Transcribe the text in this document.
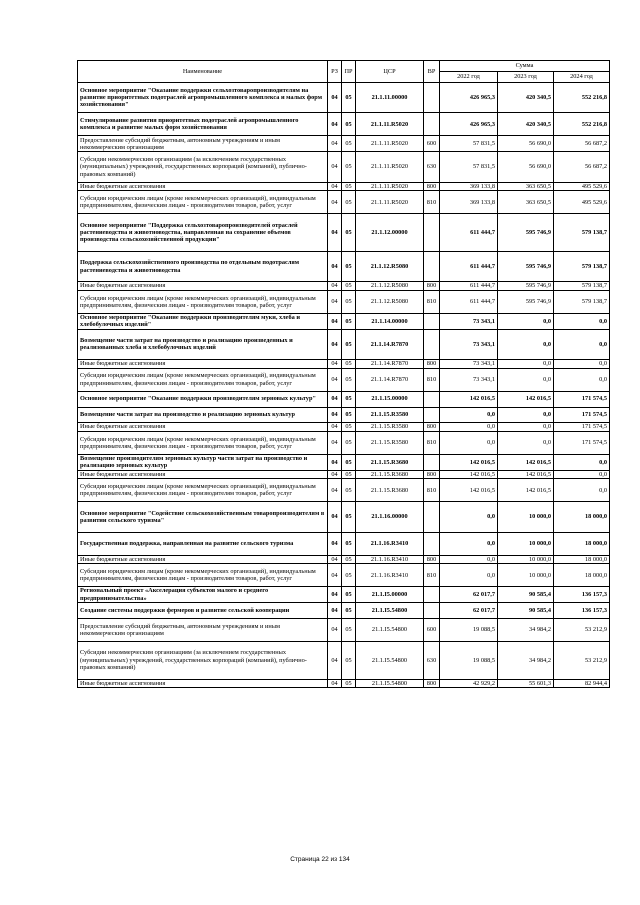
Наименование	РЗ	ПР	ЦСР	ВР	Сумма		
					2022 год	2023 год	2024 год
Основное мероприятие "Оказание поддержки сельхозтоваропроизводителям на развитие приоритетных подотраслей агропромышленного комплекса и малых форм хозяйствования"	04	05	21.1.11.00000		426 965,3	420 340,5	552 216,8
Стимулирование развития приоритетных подотраслей агропромышленного комплекса и развитие малых форм хозяйствования	04	05	21.1.11.R5020		426 965,3	420 340,5	552 216,8
Предоставление субсидий бюджетным, автономным учреждениям и иным некоммерческим организациям	04	05	21.1.11.R5020	600	57 831,5	56 690,0	56 687,2
Субсидии некоммерческим организациям (за исключением государственных (муниципальных) учреждений, государственных корпораций (компаний), публично-правовых компаний)	04	05	21.1.11.R5020	630	57 831,5	56 690,0	56 687,2
Иные бюджетные ассигнования	04	05	21.1.11.R5020	800	369 133,8	363 650,5	495 529,6
Субсидии юридическим лицам (кроме некоммерческих организаций), индивидуальным предпринимателям, физическим лицам - производителям товаров, работ, услуг	04	05	21.1.11.R5020	810	369 133,8	363 650,5	495 529,6
Основное мероприятие "Поддержка сельхозтоваропроизводителей отраслей растениеводства и животноводства, направленная на сохранение объемов производства сельскохозяйственной продукции"	04	05	21.1.12.00000		611 444,7	595 746,9	579 138,7
Поддержка сельскохозяйственного производства по отдельным подотраслям растениеводства и животноводства	04	05	21.1.12.R5080		611 444,7	595 746,9	579 138,7
Иные бюджетные ассигнования	04	05	21.1.12.R5080	800	611 444,7	595 746,9	579 138,7
Субсидии юридическим лицам (кроме некоммерческих организаций), индивидуальным предпринимателям, физическим лицам - производителям товаров, работ, услуг	04	05	21.1.12.R5080	810	611 444,7	595 746,9	579 138,7
Основное мероприятие "Оказание поддержки производителям муки, хлеба и хлебобулочных изделий"	04	05	21.1.14.00000		73 343,1	0,0	0,0
Возмещение части затрат на производство и реализацию произведенных и реализованных хлеба и хлебобулочных изделий	04	05	21.1.14.R7870		73 343,1	0,0	0,0
Иные бюджетные ассигнования	04	05	21.1.14.R7870	800	73 343,1	0,0	0,0
Субсидии юридическим лицам (кроме некоммерческих организаций), индивидуальным предпринимателям, физическим лицам - производителям товаров, работ, услуг	04	05	21.1.14.R7870	810	73 343,1	0,0	0,0
Основное мероприятие "Оказание поддержки производителям зерновых культур"	04	05	21.1.15.00000		142 016,5	142 016,5	171 574,5
Возмещение части затрат на производство и реализацию зерновых культур	04	05	21.1.15.R3580		0,0	0,0	171 574,5
Иные бюджетные ассигнования	04	05	21.1.15.R3580	800	0,0	0,0	171 574,5
Субсидии юридическим лицам (кроме некоммерческих организаций), индивидуальным предпринимателям, физическим лицам - производителям товаров, работ, услуг	04	05	21.1.15.R3580	810	0,0	0,0	171 574,5
Возмещение производителям зерновых культур части затрат на производство и реализацию зерновых культур	04	05	21.1.15.R3680		142 016,5	142 016,5	0,0
Иные бюджетные ассигнования	04	05	21.1.15.R3680	800	142 016,5	142 016,5	0,0
Субсидии юридическим лицам (кроме некоммерческих организаций), индивидуальным предпринимателям, физическим лицам - производителям товаров, работ, услуг	04	05	21.1.15.R3680	810	142 016,5	142 016,5	0,0
Основное мероприятие "Содействие сельскохозяйственным товаропроизводителям в развитии сельского туризма"	04	05	21.1.16.00000		0,0	10 000,0	18 000,0
Государственная поддержка, направленная на развитие сельского туризма	04	05	21.1.16.R3410		0,0	10 000,0	18 000,0
Иные бюджетные ассигнования	04	05	21.1.16.R3410	800	0,0	10 000,0	18 000,0
Субсидии юридическим лицам (кроме некоммерческих организаций), индивидуальным предпринимателям, физическим лицам - производителям товаров, работ, услуг	04	05	21.1.16.R3410	810	0,0	10 000,0	18 000,0
Региональный проект «Акселерация субъектов малого и среднего предпринимательства»	04	05	21.1.I5.00000		62 017,7	90 585,4	136 157,3
Создание системы поддержки фермеров и развитие сельской кооперации	04	05	21.1.I5.54800		62 017,7	90 585,4	136 157,3
Предоставление субсидий бюджетным, автономным учреждениям и иным некоммерческим организациям	04	05	21.1.I5.54800	600	19 088,5	34 984,2	53 212,9
Субсидии некоммерческим организациям (за исключением государственных (муниципальных) учреждений, государственных корпораций (компаний), публично-правовых компаний)	04	05	21.1.I5.54800	630	19 088,5	34 984,2	53 212,9
Иные бюджетные ассигнования	04	05	21.1.I5.54800	800	42 929,2	55 601,3	82 944,4
Страница 22 из 134
